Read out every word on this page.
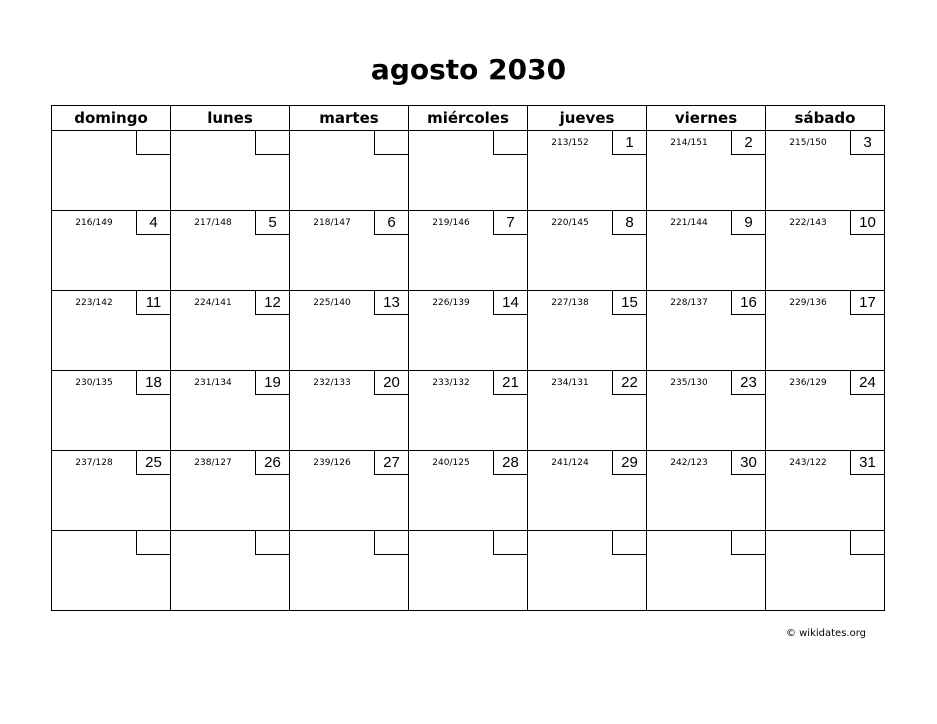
agosto 2030
domingo	lunes	martes	miércoles	jueves	viernes	sábado

				213/152 1	214/151 2	215/150 3

216/149 4	217/148 5	218/147 6	219/146 7	220/145 8	221/144 9	222/143 10

223/142 11	224/141 12	225/140 13	226/139 14	227/138 15	228/137 16	229/136 17

230/135 18	231/134 19	232/133 20	233/132 21	234/131 22	235/130 23	236/129 24

237/128 25	238/127 26	239/126 27	240/125 28	241/124 29	242/123 30	243/122 31

© wikidates.org
